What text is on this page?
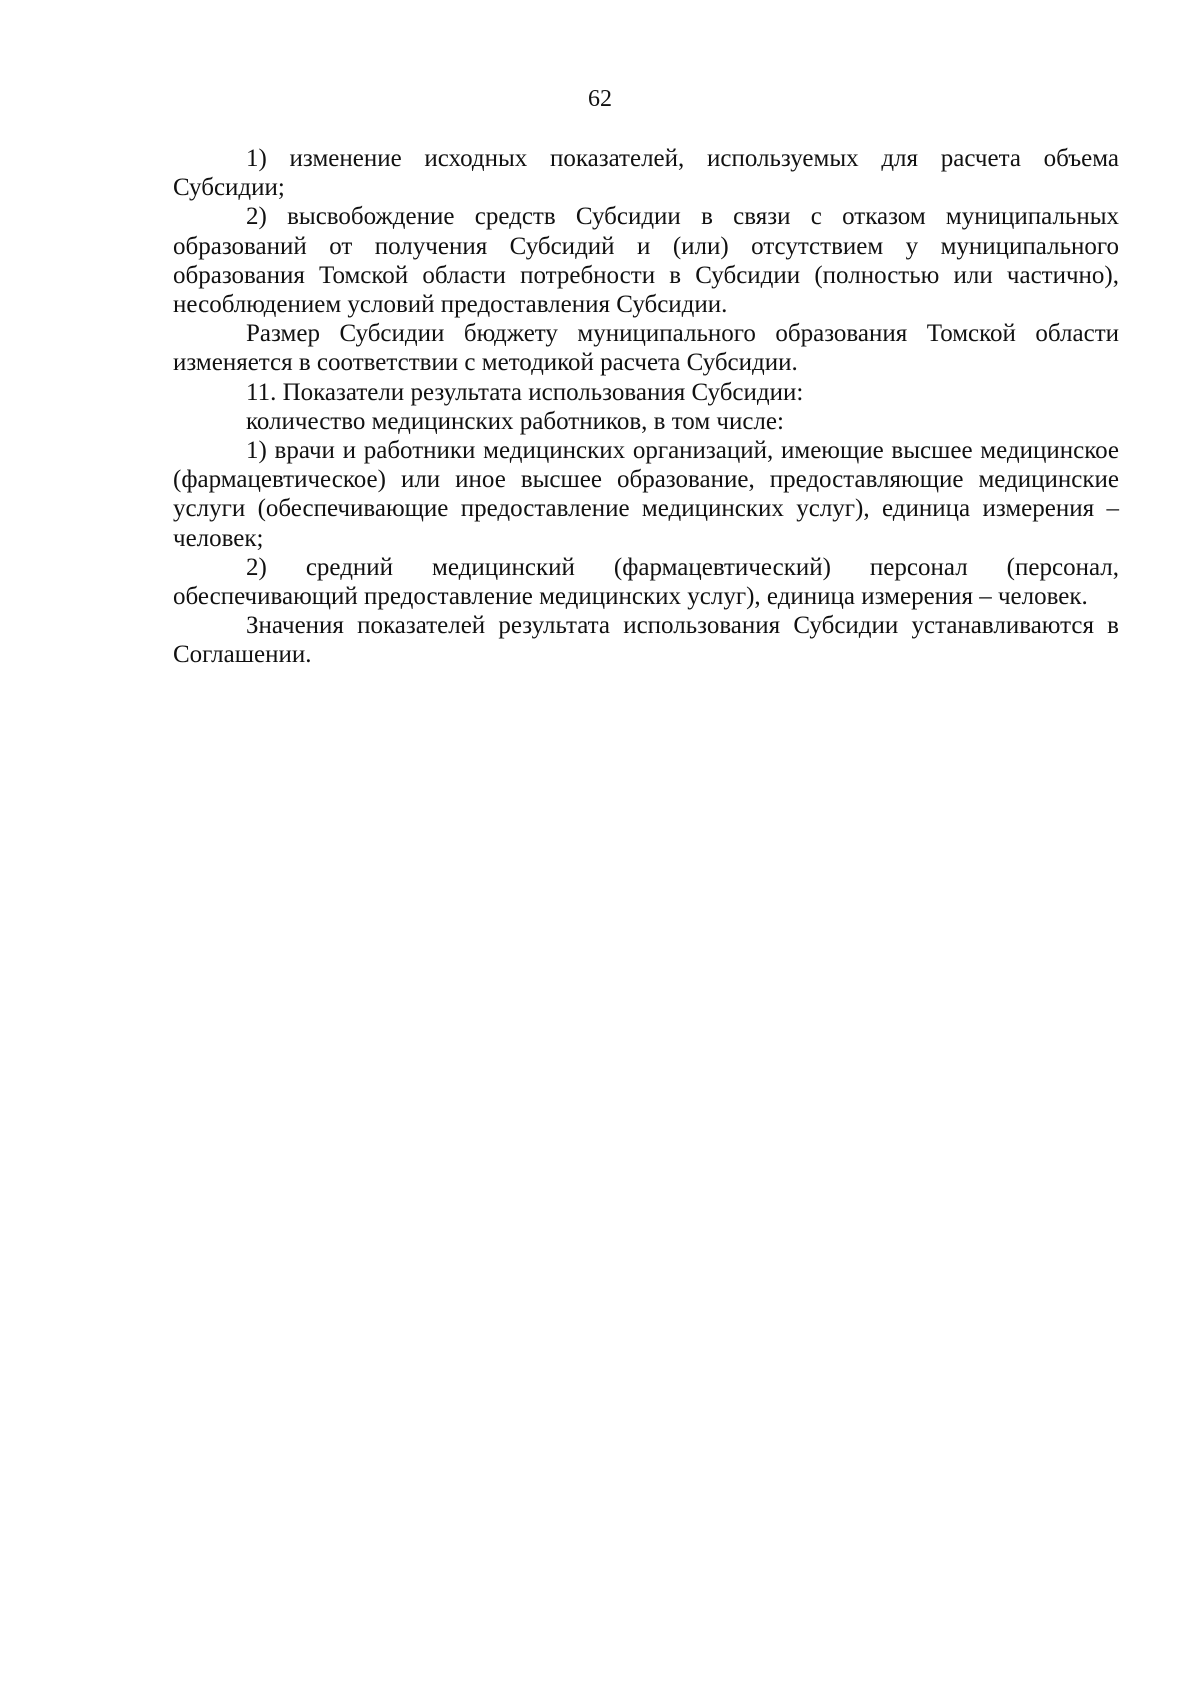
62

1) изменение исходных показателей, используемых для расчета объема Субсидии;

2) высвобождение средств Субсидии в связи с отказом муниципальных образований от получения Субсидий и (или) отсутствием у муниципального образования Томской области потребности в Субсидии (полностью или частично), несоблюдением условий предоставления Субсидии.

Размер Субсидии бюджету муниципального образования Томской области изменяется в соответствии с методикой расчета Субсидии.

11. Показатели результата использования Субсидии:

количество медицинских работников, в том числе:

1) врачи и работники медицинских организаций, имеющие высшее медицинское (фармацевтическое) или иное высшее образование, предоставляющие медицинские услуги (обеспечивающие предоставление медицинских услуг), единица измерения – человек;

2) средний медицинский (фармацевтический) персонал (персонал, обеспечивающий предоставление медицинских услуг), единица измерения – человек.

Значения показателей результата использования Субсидии устанавливаются в Соглашении.
